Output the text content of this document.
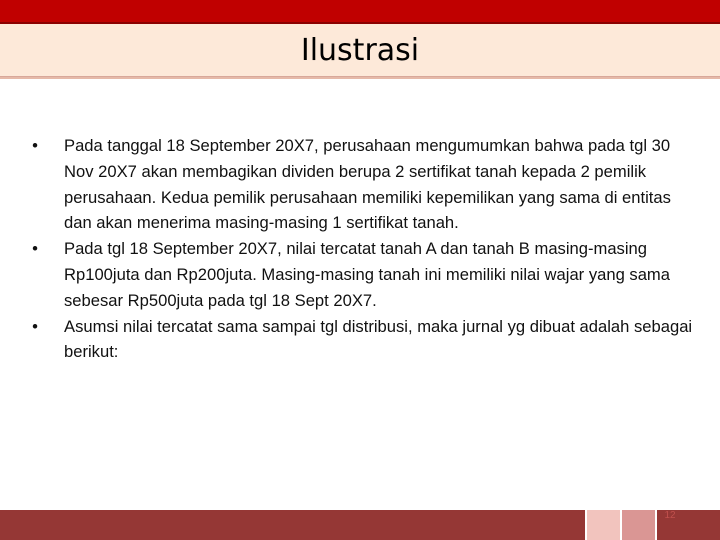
Ilustrasi
• Pada tanggal 18 September 20X7, perusahaan mengumumkan bahwa pada tgl 30 Nov 20X7 akan membagikan dividen berupa 2 sertifikat tanah kepada 2 pemilik perusahaan. Kedua pemilik perusahaan memiliki kepemilikan yang sama di entitas dan akan menerima masing-masing 1 sertifikat tanah.
• Pada tgl 18 September 20X7, nilai tercatat tanah A dan tanah B masing-masing Rp100juta dan Rp200juta. Masing-masing tanah ini memiliki nilai wajar yang sama sebesar Rp500juta pada tgl 18 Sept 20X7.
• Asumsi nilai tercatat sama sampai tgl distribusi, maka jurnal yg dibuat adalah sebagai berikut:
12
